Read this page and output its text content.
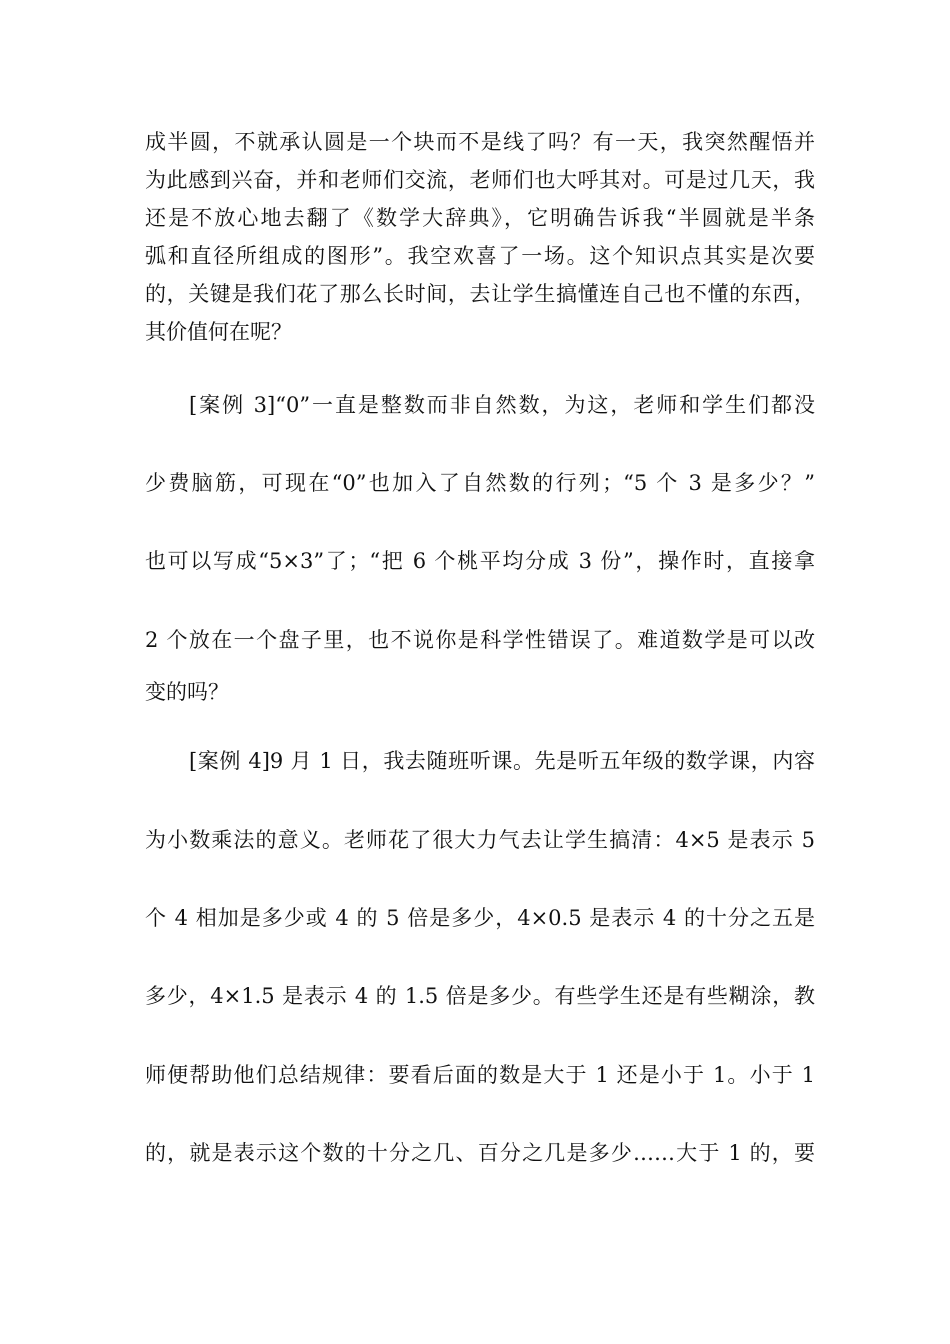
成半圆，不就承认圆是一个块而不是线了吗？有一天，我突然醒悟并

为此感到兴奋，并和老师们交流，老师们也大呼其对。可是过几天，我

还是不放心地去翻了《数学大辞典》，它明确告诉我“半圆就是半条

弧和直径所组成的图形”。我空欢喜了一场。这个知识点其实是次要

的，关键是我们花了那么长时间，去让学生搞懂连自己也不懂的东西，

其价值何在呢？

[案例 3]“0”一直是整数而非自然数，为这，老师和学生们都没

少费脑筋，可现在“0”也加入了自然数的行列；“5 个 3 是多少？”

也可以写成“5×3”了；“把 6 个桃平均分成 3 份”，操作时，直接拿

2 个放在一个盘子里，也不说你是科学性错误了。难道数学是可以改

变的吗？

[案例 4]9 月 1 日，我去随班听课。先是听五年级的数学课，内容

为小数乘法的意义。老师花了很大力气去让学生搞清：4×5 是表示 5

个 4 相加是多少或 4 的 5 倍是多少，4×0.5 是表示 4 的十分之五是

多少，4×1.5 是表示 4 的 1.5 倍是多少。有些学生还是有些糊涂，教

师便帮助他们总结规律：要看后面的数是大于 1 还是小于 1。小于 1

的，就是表示这个数的十分之几、百分之几是多少……大于 1 的，要
